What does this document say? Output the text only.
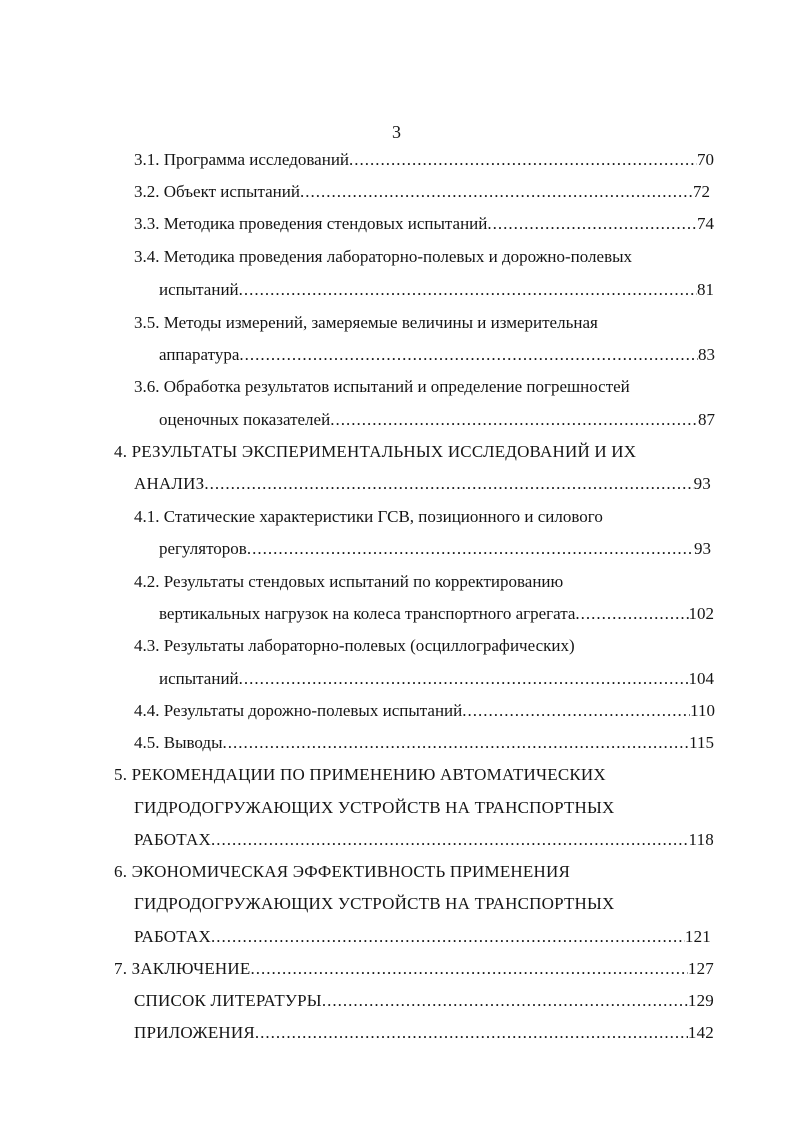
3
3.1. Программа исследований .....	70
3.2. Объект испытаний .....	72
3.3. Методика проведения стендовых испытаний .....	74
3.4. Методика проведения лабораторно-полевых и дорожно-полевых
испытаний .....	81
3.5. Методы измерений, замеряемые величины и измерительная
аппаратура .....	83
3.6. Обработка результатов испытаний и определение погрешностей
оценочных показателей .....	87
4. РЕЗУЛЬТАТЫ ЭКСПЕРИМЕНТАЛЬНЫХ ИССЛЕДОВАНИЙ И ИХ
АНАЛИЗ .....	93
4.1. Статические характеристики ГСВ, позиционного и силового
регуляторов .....	93
4.2. Результаты стендовых испытаний по корректированию
вертикальных нагрузок на колеса транспортного агрегата .....	102
4.3. Результаты лабораторно-полевых (осциллографических)
испытаний .....	104
4.4. Результаты дорожно-полевых испытаний .....	110
4.5. Выводы .....	115
5. РЕКОМЕНДАЦИИ ПО ПРИМЕНЕНИЮ АВТОМАТИЧЕСКИХ
ГИДРОДОГРУЖАЮЩИХ УСТРОЙСТВ НА ТРАНСПОРТНЫХ
РАБОТАХ .....	118
6. ЭКОНОМИЧЕСКАЯ ЭФФЕКТИВНОСТЬ ПРИМЕНЕНИЯ
ГИДРОДОГРУЖАЮЩИХ УСТРОЙСТВ НА ТРАНСПОРТНЫХ
РАБОТАХ .....	121
7. ЗАКЛЮЧЕНИЕ .....	127
СПИСОК ЛИТЕРАТУРЫ .....	129
ПРИЛОЖЕНИЯ .....	142
